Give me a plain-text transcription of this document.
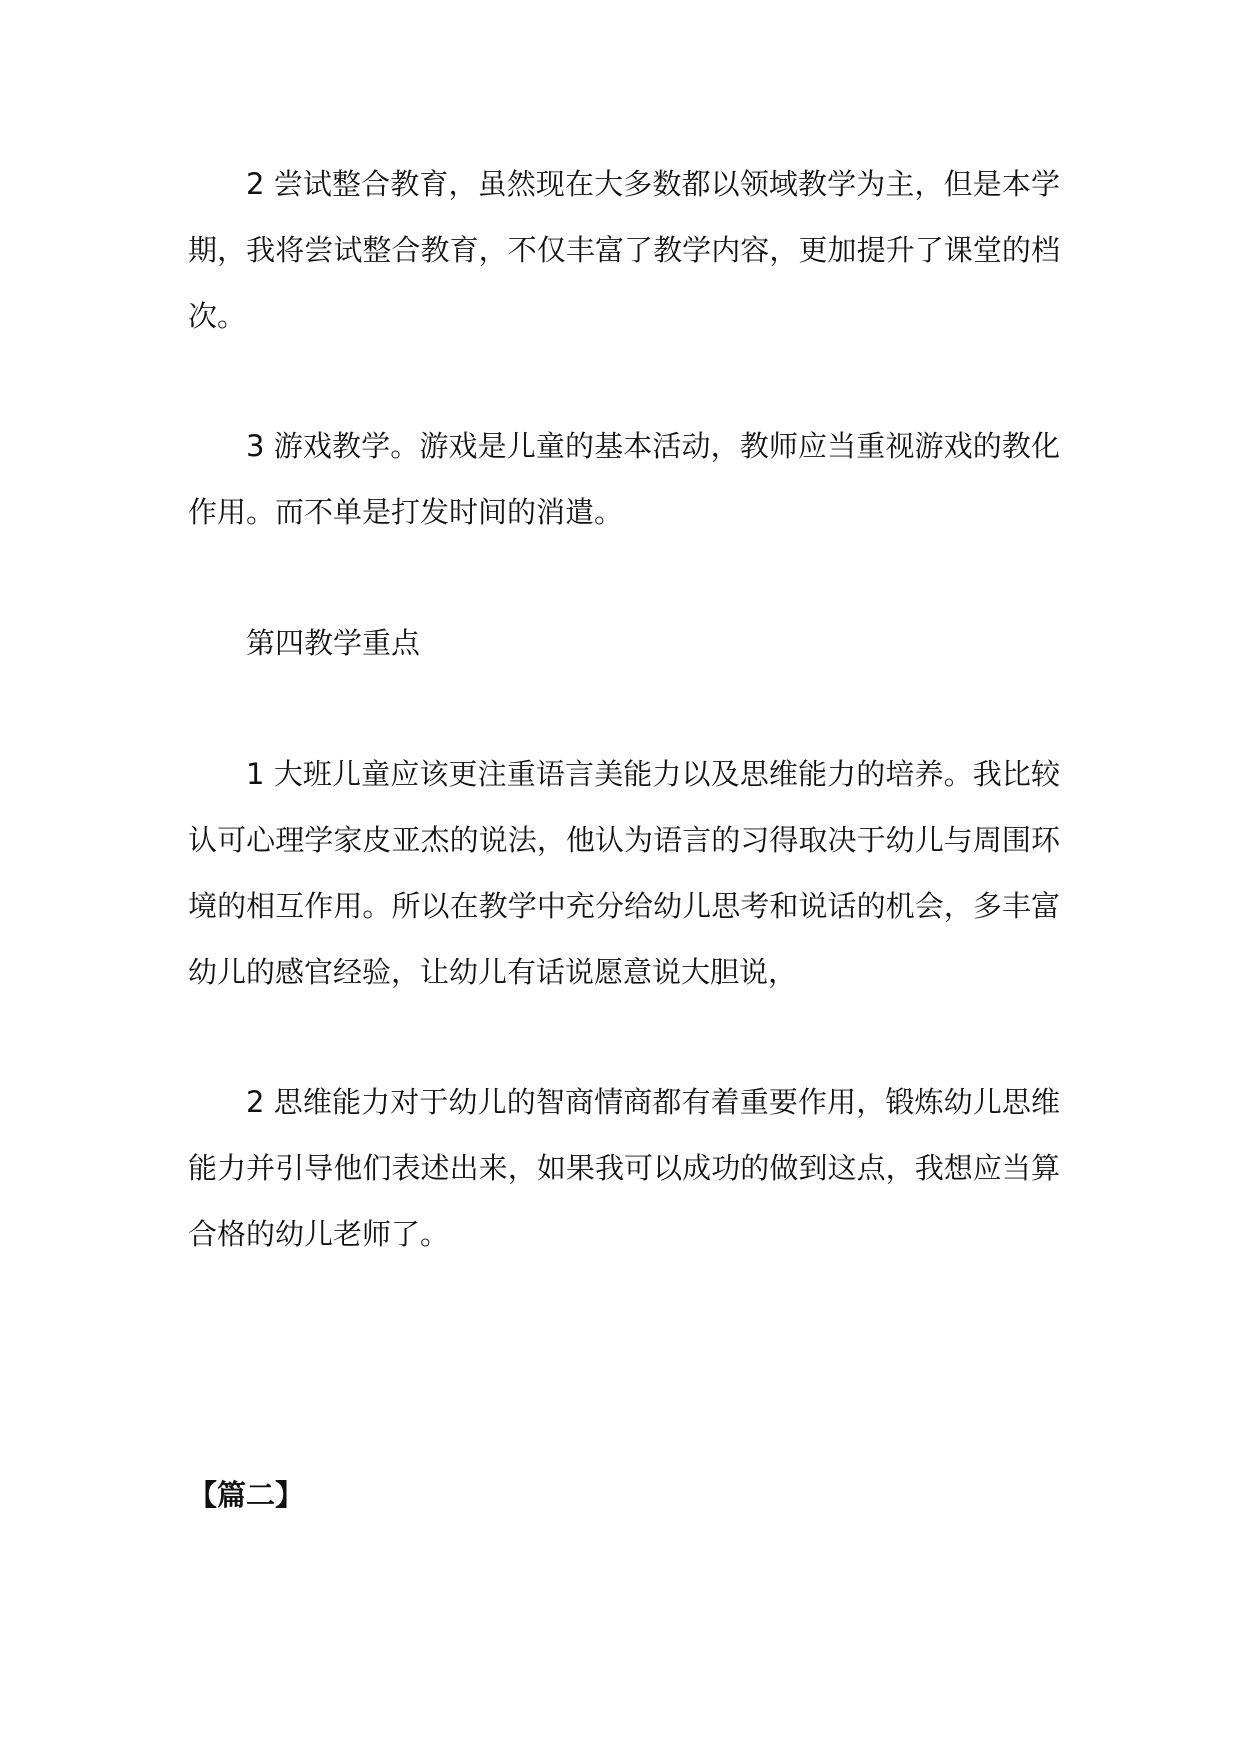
2 尝试整合教育，虽然现在大多数都以领域教学为主，但是本学期，我将尝试整合教育，不仅丰富了教学内容，更加提升了课堂的档次。

3 游戏教学。游戏是儿童的基本活动，教师应当重视游戏的教化作用。而不单是打发时间的消遣。

第四教学重点

1 大班儿童应该更注重语言美能力以及思维能力的培养。我比较认可心理学家皮亚杰的说法，他认为语言的习得取决于幼儿与周围环境的相互作用。所以在教学中充分给幼儿思考和说话的机会，多丰富幼儿的感官经验，让幼儿有话说愿意说大胆说，

2 思维能力对于幼儿的智商情商都有着重要作用，锻炼幼儿思维能力并引导他们表述出来，如果我可以成功的做到这点，我想应当算合格的幼儿老师了。

【篇二】
